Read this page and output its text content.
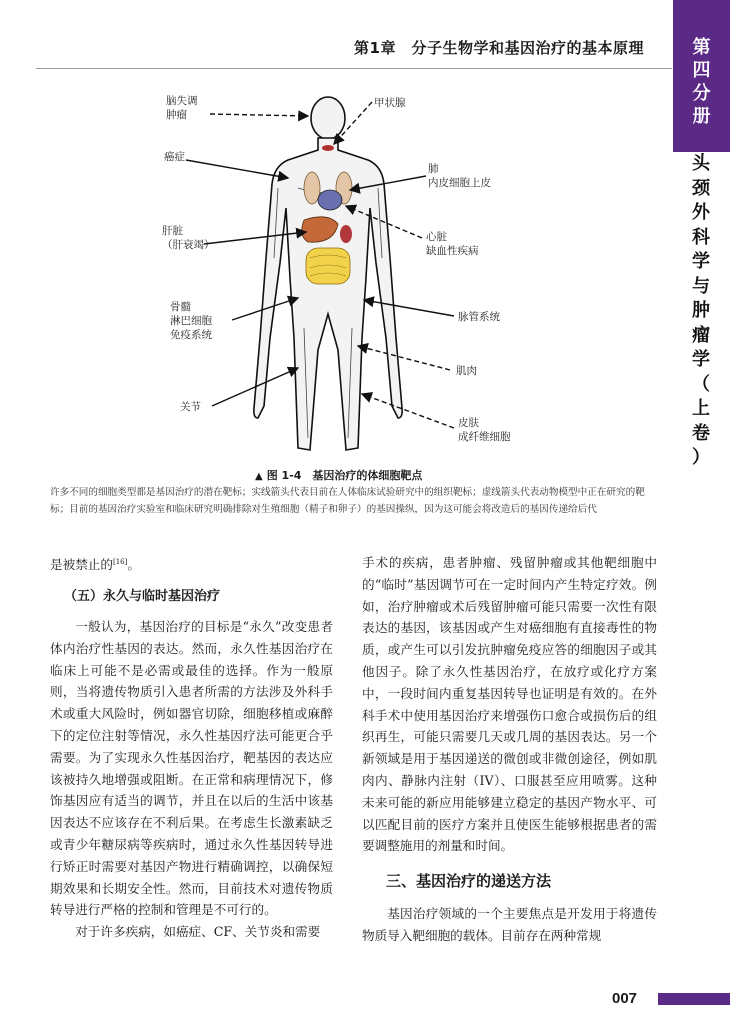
第1章　分子生物学和基因治疗的基本原理	第
四
分
册
头
颈
外
科
学
与
肿
瘤
学
（
上
卷
）
脑失调
肿瘤
癌症
肝脏
（肝衰竭）
骨髓
淋巴细胞
免疫系统
关节
甲状腺
肺
内皮细胞上皮
心脏
缺血性疾病
脉管系统
肌肉
皮肤
成纤维细胞
▲ 图 1-4　基因治疗的体细胞靶点
许多不同的细胞类型都是基因治疗的潜在靶标；实线箭头代表目前在人体临床试验研究中的组织靶标；虚线箭头代表动物模型中正在研究的靶标；目前的基因治疗实验室和临床研究明确排除对生殖细胞（精子和卵子）的基因操纵，因为这可能会将改造后的基因传递给后代

是被禁止的[16]。

（五）永久与临时基因治疗

一般认为，基因治疗的目标是“永久”改变患者体内治疗性基因的表达。然而，永久性基因治疗在临床上可能不是必需或最佳的选择。作为一般原则，当将遗传物质引入患者所需的方法涉及外科手术或重大风险时，例如器官切除，细胞移植或麻醉下的定位注射等情况，永久性基因疗法可能更合乎需要。为了实现永久性基因治疗，靶基因的表达应该被持久地增强或阻断。在正常和病理情况下，修饰基因应有适当的调节，并且在以后的生活中该基因表达不应该存在不利后果。在考虑生长激素缺乏或青少年糖尿病等疾病时，通过永久性基因转导进行矫正时需要对基因产物进行精确调控，以确保短期效果和长期安全性。然而，目前技术对遗传物质转导进行严格的控制和管理是不可行的。

对于许多疾病，如癌症、CF、关节炎和需要

手术的疾病，患者肿瘤、残留肿瘤或其他靶细胞中的“临时”基因调节可在一定时间内产生特定疗效。例如，治疗肿瘤或术后残留肿瘤可能只需要一次性有限表达的基因，该基因或产生对癌细胞有直接毒性的物质，或产生可以引发抗肿瘤免疫应答的细胞因子或其他因子。除了永久性基因治疗，在放疗或化疗方案中，一段时间内重复基因转导也证明是有效的。在外科手术中使用基因治疗来增强伤口愈合或损伤后的组织再生，可能只需要几天或几周的基因表达。另一个新领域是用于基因递送的微创或非微创途径，例如肌肉内、静脉内注射（IV）、口服甚至应用喷雾。这种未来可能的新应用能够建立稳定的基因产物水平、可以匹配目前的医疗方案并且使医生能够根据患者的需要调整施用的剂量和时间。

三、基因治疗的递送方法

基因治疗领域的一个主要焦点是开发用于将遗传物质导入靶细胞的载体。目前存在两种常规

007
